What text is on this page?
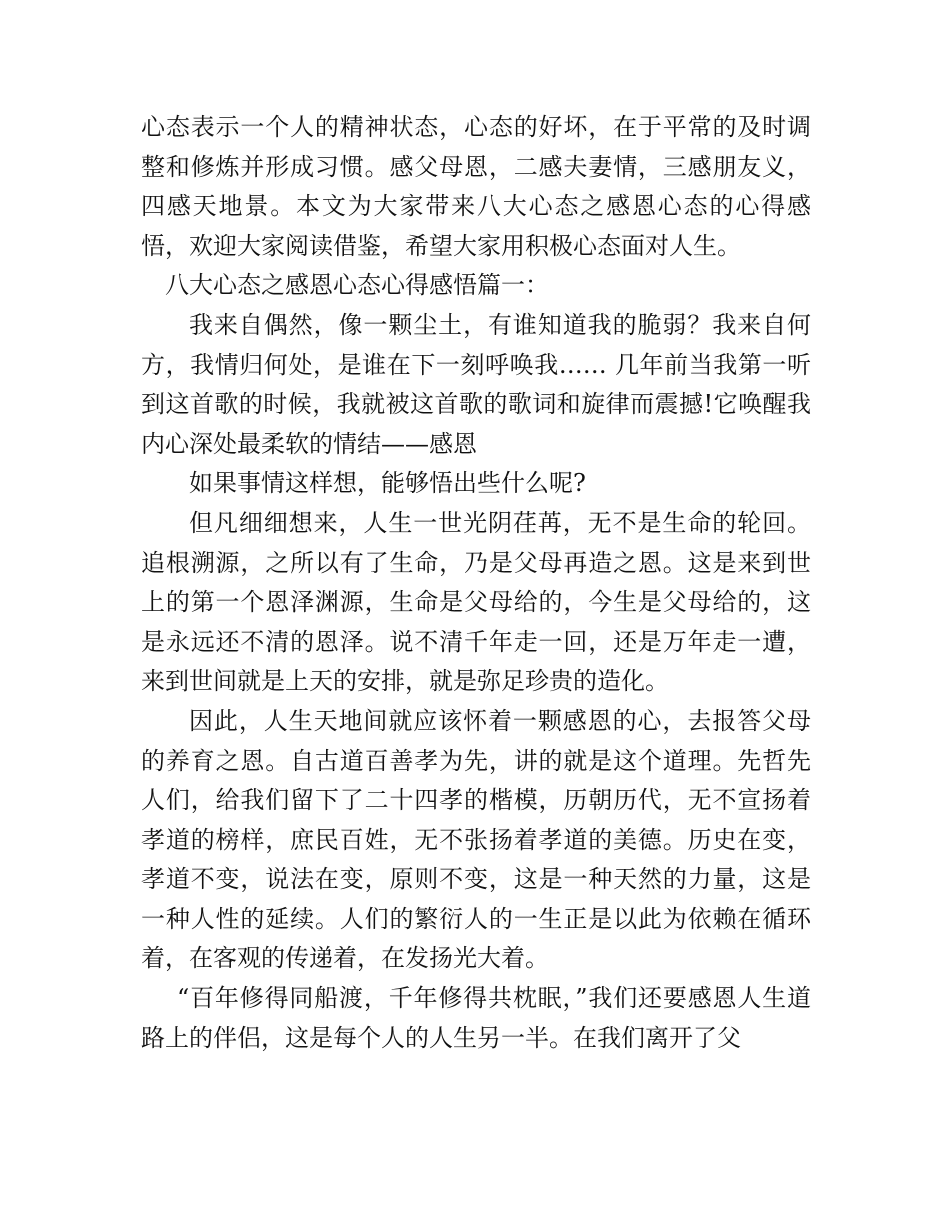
心态表示一个人的精神状态，心态的好坏，在于平常的及时调整和修炼并形成习惯。感父母恩，二感夫妻情，三感朋友义，四感天地景。本文为大家带来八大心态之感恩心态的心得感悟，欢迎大家阅读借鉴，希望大家用积极心态面对人生。

八大心态之感恩心态心得感悟篇一：

我来自偶然，像一颗尘土，有谁知道我的脆弱？我来自何方，我情归何处，是谁在下一刻呼唤我…… 几年前当我第一听到这首歌的时候，我就被这首歌的歌词和旋律而震撼!它唤醒我内心深处最柔软的情结——感恩

如果事情这样想，能够悟出些什么呢?

但凡细细想来，人生一世光阴荏苒，无不是生命的轮回。追根溯源，之所以有了生命，乃是父母再造之恩。这是来到世上的第一个恩泽渊源，生命是父母给的，今生是父母给的，这是永远还不清的恩泽。说不清千年走一回，还是万年走一遭，来到世间就是上天的安排，就是弥足珍贵的造化。

因此，人生天地间就应该怀着一颗感恩的心，去报答父母的养育之恩。自古道百善孝为先，讲的就是这个道理。先哲先人们，给我们留下了二十四孝的楷模，历朝历代，无不宣扬着孝道的榜样，庶民百姓，无不张扬着孝道的美德。历史在变，孝道不变，说法在变，原则不变，这是一种天然的力量，这是一种人性的延续。人们的繁衍人的一生正是以此为依赖在循环着，在客观的传递着，在发扬光大着。

“百年修得同船渡，千年修得共枕眠，”我们还要感恩人生道路上的伴侣，这是每个人的人生另一半。在我们离开了父
